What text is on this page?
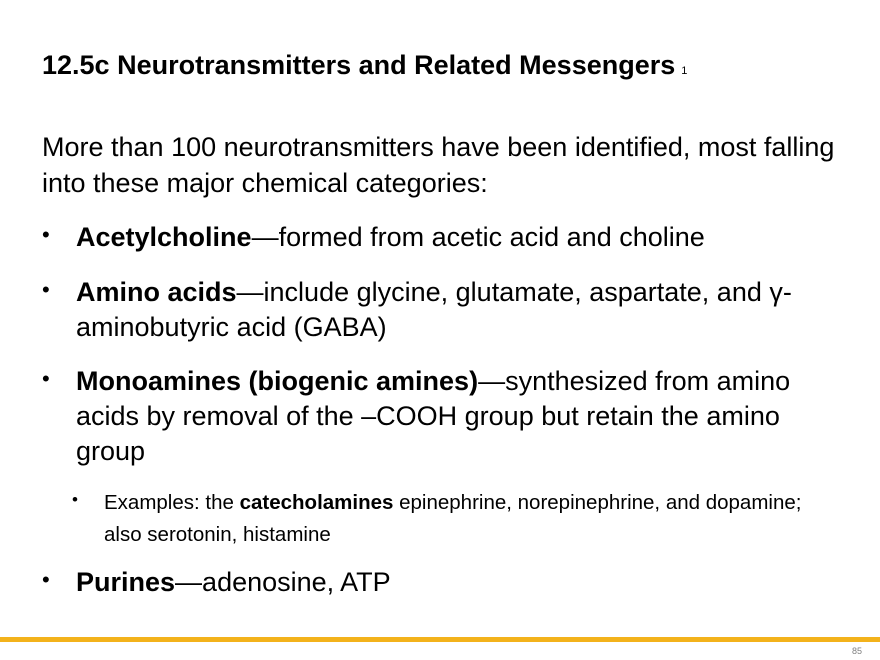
12.5c Neurotransmitters and Related Messengers 1

More than 100 neurotransmitters have been identified, most falling into these major chemical categories:

• Acetylcholine—formed from acetic acid and choline
• Amino acids—include glycine, glutamate, aspartate, and γ-aminobutyric acid (GABA)
• Monoamines (biogenic amines)—synthesized from amino acids by removal of the –COOH group but retain the amino group
• Examples: the catecholamines epinephrine, norepinephrine, and dopamine; also serotonin, histamine
• Purines—adenosine, ATP
85
